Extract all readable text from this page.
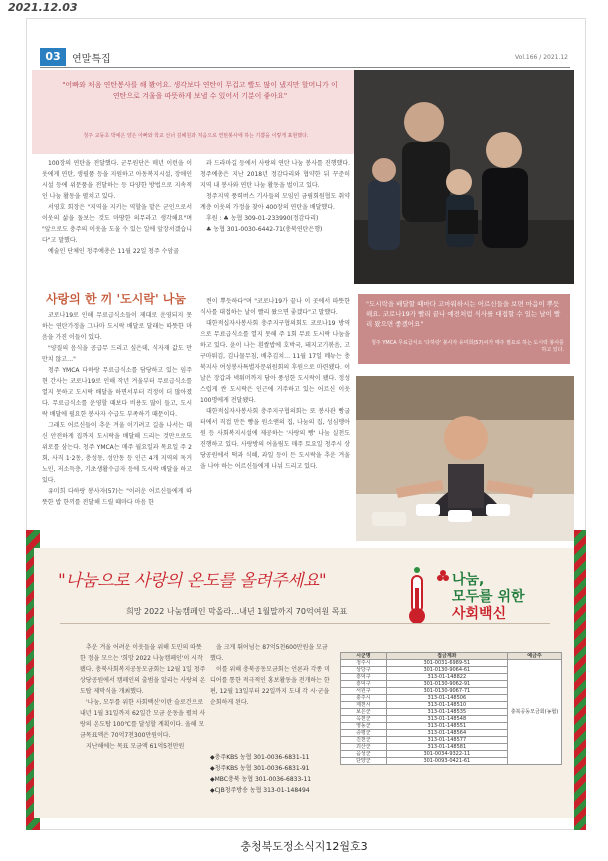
2021.12.03
03	연말특집	Vol.166 / 2021.12
"어빠와 처음 연탄봉사를 해 봤어요. 생각보다 연탄이 무겁고 빨도 많이 냈지만 할머니가 이 연탄으로 겨울을 따뜻하게 보낼 수 있어서 기분이 좋아요"
청주 교동초 박예은 양은 아빠와 학교 선너 김혜원과 처음으로 연탄봉사에 하는 기쁨을 이렇게 표현했다.

100장의 연탄을 전달했다. 군무원단은 매년 이런을 이웃에게 연탄, 생필품 등을 지원하고 아동복지시설, 장애인 시설 등에 위문품을 전달하는 등 다양한 방법으로 지속적인 나눔 활동을 펼치고 있다.

서영호 회장은 "지역을 지키는 역할을 맡은 군인으로서 이웃의 삶을 돌보는 것도 마땅한 의무라고 생각해요"며 "앞으로도 충주의 이웃을 도울 수 있는 일에 앞장서겠습니다"고 말했다.

예술인 단체인 청주예총은 11월 22일 청주 수암골

과 드라마길 등에서 사랑의 연탄 나눔 봉사를 진행했다. 청주예총은 지난 2018년 정감다리와 협약한 뒤 꾸준히 지역 내 봉사와 연탄 나눔 활동을 벌이고 있다.

청주지역 풍력버스 기사들의 모임인 금림회원협도 취약계층 이웃의 가정을 찾아 400장의 연탄을 배달했다.

후원 : ♣ 농협 309-01-233990(정감다리)

♣ 농협 301-0030-6442-71(충북연탄은행)

사랑의 한 끼 '도시락' 나눔	"도시락을 배달할 때마다 고마워하시는 어르신들을 보면 마음이 뿌듯해요. 코로나19가 빨리 끝나 예전처럼 식사를 대접할 수 있는 날이 빨리 왔으면 좋겠어요"
청주 YMCA 무료급식소 '다하랑' 봉사자 유미희(57)씨가 매주 필요로 하는 도시락 봉사를 하고 있다.

코로나19로 인해 무료급식소들이 제대로 운영되지 못하는 연탄가정을 그나마 도시락 배달로 달래는 따뜻한 마음을 가진 이들이 있다.

"양질의 음식을 공급무 드리고 싶은데, 식자재 값도 만만치 않고…"

청주 YMCA 다하랑 무료급식소를 담당하고 있는 임주현 간사는 코로나19로 인해 작년 겨울부터 무료급식소를 열지 못하고 도시락 배달을 하면서부터 걱정이 더 많아졌다. 무료급식소를 운영할 때보다 비용도 많이 들고, 도시락 배달에 필요한 봉사자 수급도 부족하기 때문이다.

그래도 어르신들이 추운 겨울 이기려고 길을 나서는 대신 안전하게 집까지 도시락을 배달해 드리는 것만으로도 위로를 삼는다. 청주 YMCA는 매주 월요일과 목요일 주 2회, 사직 1·2동, 충성동, 성안동 등 인근 4개 지역의 독거노인, 저소득층, 기초생활수급자 등에 도시락 배달을 하고 있다.

유미희 다하랑 봉사자(57)는 "이러운 어르신들에게 따뜻한 밥 한끼를 전달해 드릴 때마다 마음 한

켠이 뿌듯하다"며 "코로나19가 끝나 이 곳에서 따뜻한 식사를 대접하는 날이 빨리 왔으면 좋겠다"고 말했다.

대한적십자사봉사회 충주지구협의회도 코로나19 방역으로 무료급식소를 열지 못해 주 1회 무료 도시락 나눔을 하고 있다. 윤이 나는 흰쌀밥에 호박국, 돼지고기볶음, 고구마튀김, 김나물무침, 배추김치… 11월 17일 메뉴는 충북지사 여성봉사특별자문위원회의 후원으로 마련됐다. 이날은 장갑과 넥워머까지 담아 풍성한 도시락이 됐다. 정성스럽게 싼 도시락은 인근에 거주하고 있는 어르신 이웃 100명에게 전달됐다.

대한적십자사봉사회 충주지구협의회는 또 봉사관 빵굽터에서 직접 만든 빵을 원소앤의 집, 나눔의 집, 성심맹아원 등 사회복지시설에 제공하는 '사랑의 빵' 나눔 실천도 진행하고 있다. 사랑방의 어울림도 매주 토요일 청주시 상당공원에서 떡과 식혜, 과일 등이 든 도시락을 추운 겨울을 나야 하는 어르신들에게 나눠 드리고 있다.

"나눔으로 사랑의 온도를 올려주세요"
희망 2022 나눔캠페인 막올라…내년 1월말까지 70억여원 목표
나눔,
모두를 위한
사회백신

추운 겨울 어려운 이웃들을 위해 도민의 따뜻한 정을 모으는 '희망 2022 나눔캠페인'이 시작됐다. 충북사회복지공동모금회는 12월 1일 청주 상당공원에서 캠페인의 출범을 알리는 사랑의 온도탑 제막식을 개최했다.

'나눔, 모두를 위한 사회백신'이란 슬로건으로 내년 1월 31일까지 62일간 모금 운동을 펼쳐 사랑의 온도탑 100℃를 달성할 계획이다. 올해 모금목표액은 70억7천300만원이다.

지난해에는 목표 모금액 61억5천만원

을 크게 뛰어넘는 87억5천600만원을 모금했다.

이를 위해 충북공동모금회는 언론과 각종 미디어를 통한 적극적인 홍보활동을 전개하는 한편, 12월 13일부터 22일까지 도내 각 시·군을 순회하게 된다.

◆충주KBS 농협 301-0036-6831-11
◆청주KBS 농협 301-0036-6831-91
◆MBC충북 농협 301-0036-6833-11
◆CJB청주방송 농협 313-01-148494
시군명	접금계좌	예금주
청주시	301-0031-6989-51	충북공동모금회(농협)
상당구	301-0130-9064-61	
흥덕구	313-01-148822	
흥덕구	301-0130-9062-91	
서원구	301-0130-9067-71	
충주시	313-01-148506	
제천시	313-01-148510	
보은군	313-01-148535	
옥천군	313-01-148548	
영동군	313-01-148551	
증평군	313-01-148564	
진천군	313-01-148577	
괴산군	313-01-148581	
음성군	301-0034-9322-11	
단양군	301-0093-0421-61	
충청북도정소식지12월호3
